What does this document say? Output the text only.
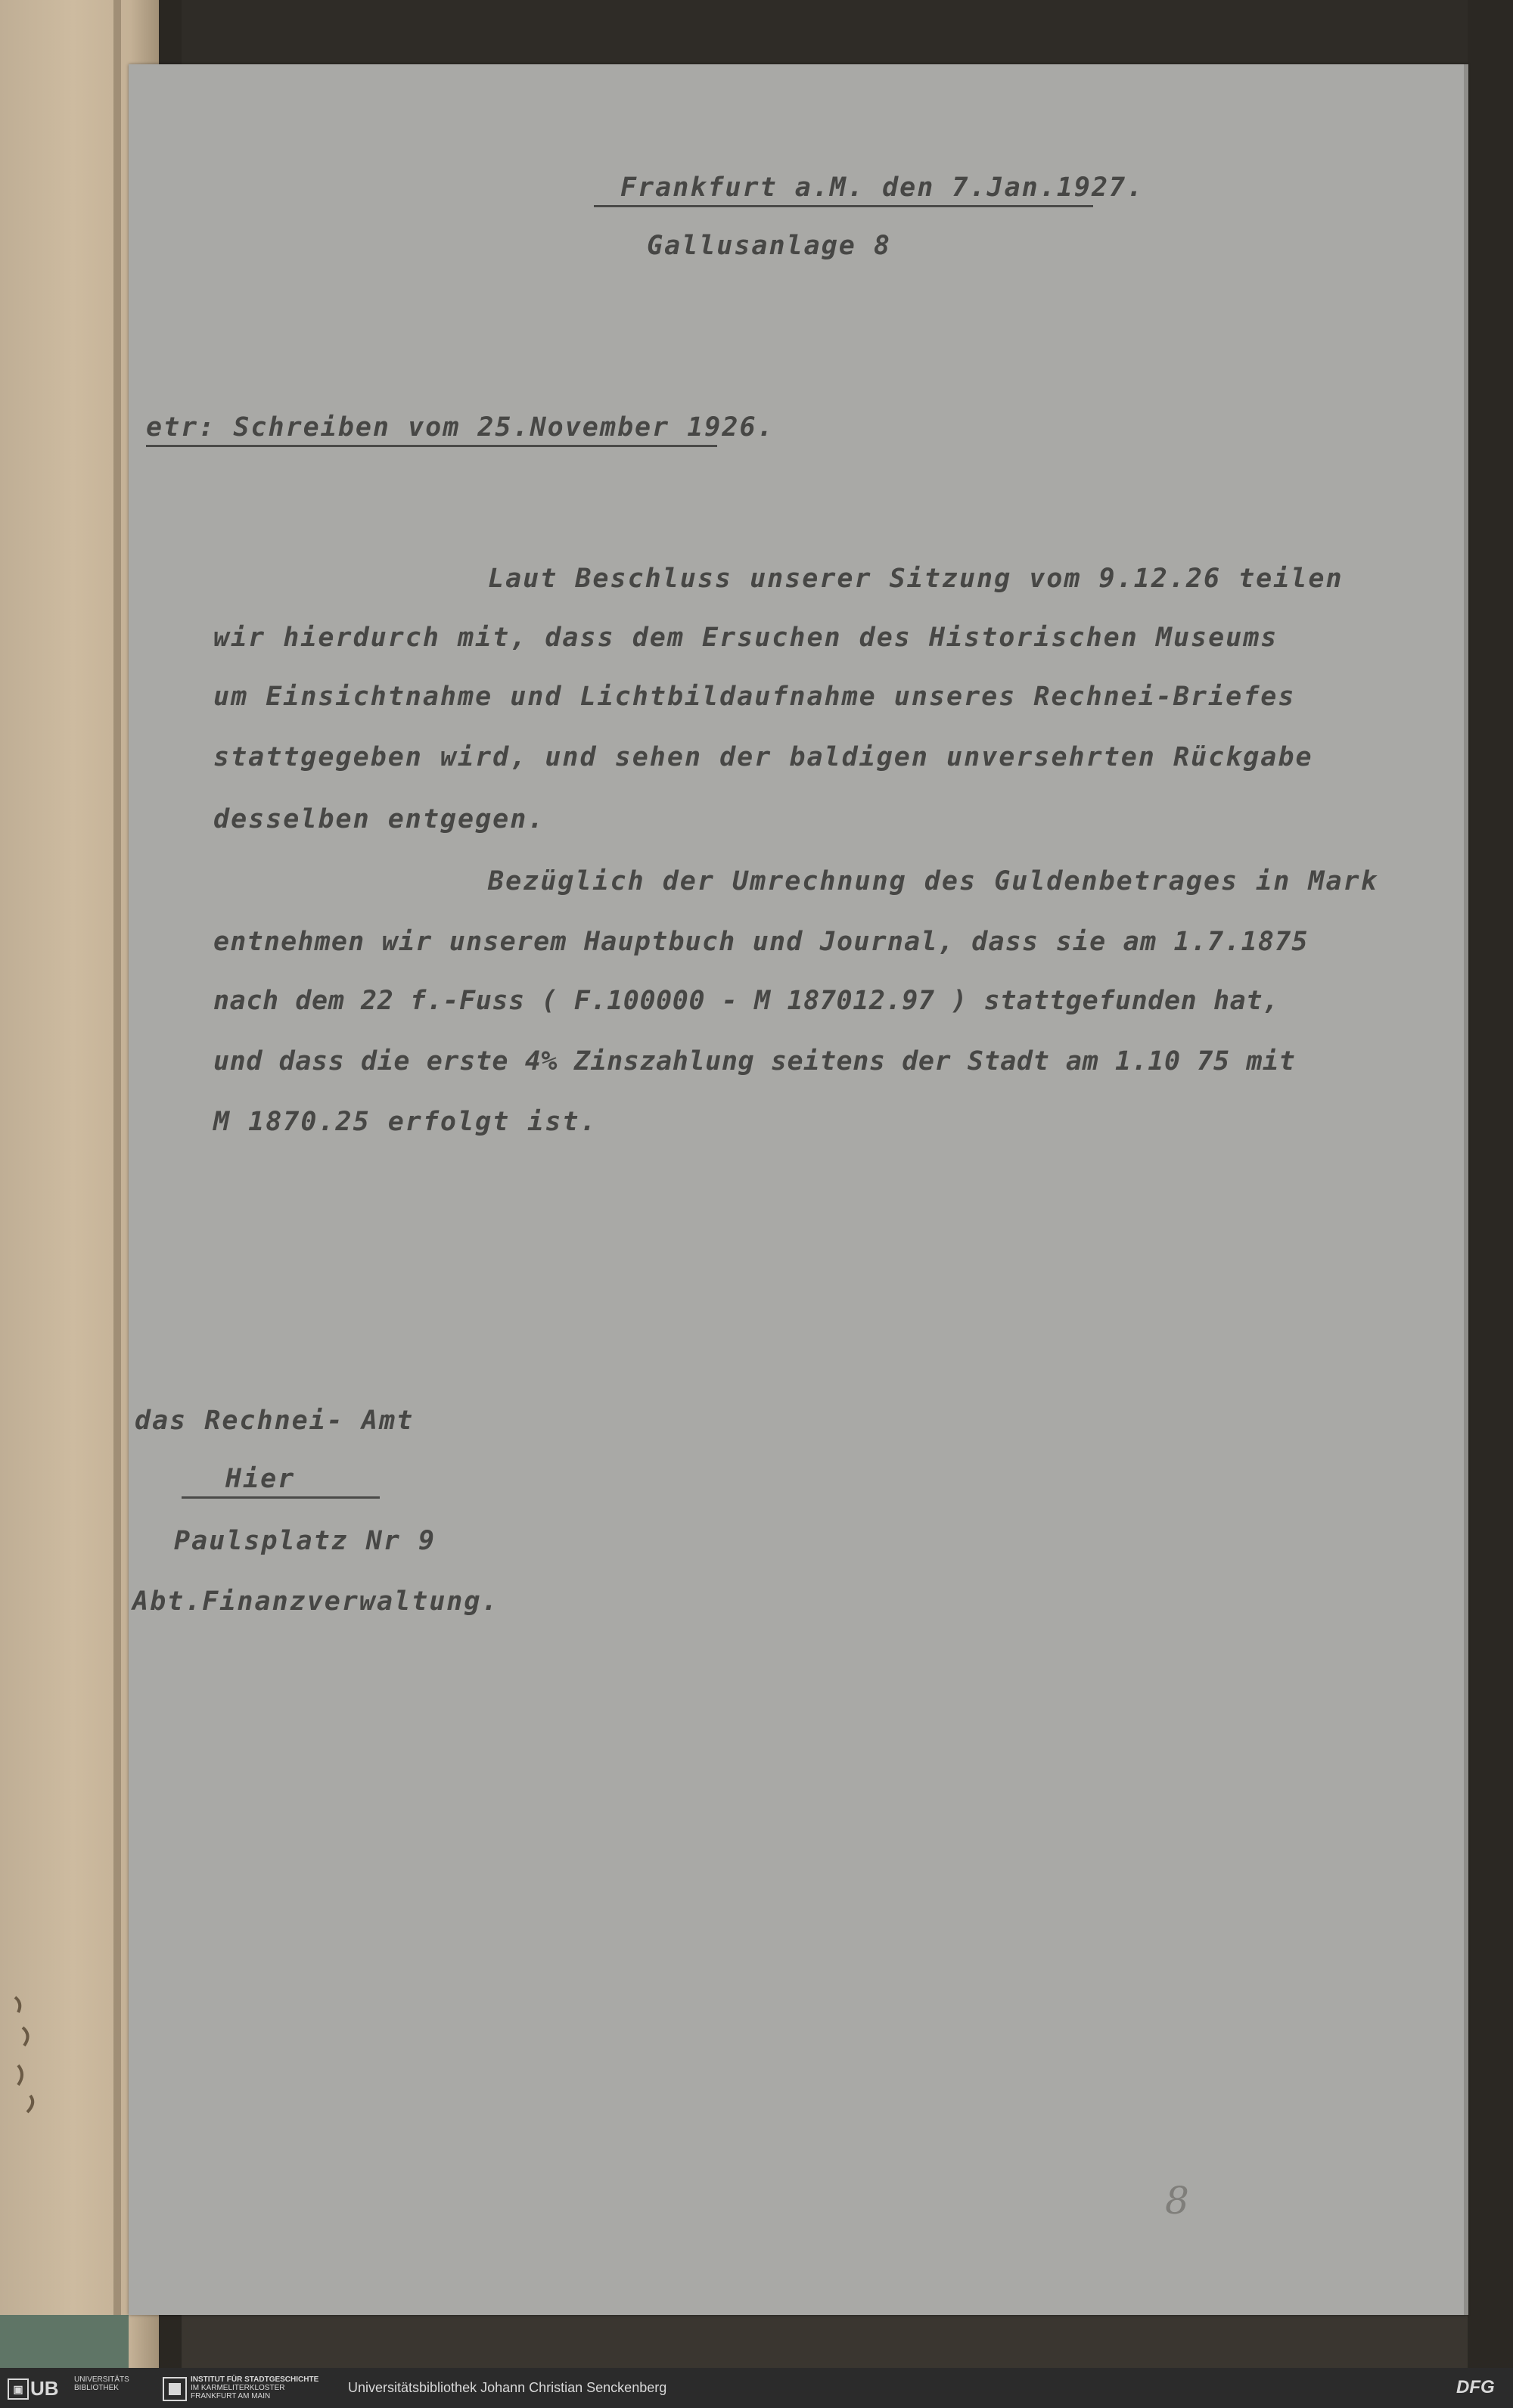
Frankfurt a.M. den 7.Jan.1927.
Gallusanlage 8
etr: Schreiben vom 25.November 1926.
Laut Beschluss unserer Sitzung vom 9.12.26 teilen
wir hierdurch mit, dass dem Ersuchen des Historischen Museums
um Einsichtnahme und Lichtbildaufnahme unseres Rechnei-Briefes
stattgegeben wird, und sehen der baldigen unversehrten Rückgabe
desselben entgegen.
Bezüglich der Umrechnung des Guldenbetrages in Mark
entnehmen wir unserem Hauptbuch und Journal, dass sie am 1.7.1875
nach dem 22 f.-Fuss ( F.100000 - M 187012.97 ) stattgefunden hat,
und dass die erste 4% Zinszahlung seitens der Stadt am 1.10 75 mit
M 1870.25 erfolgt ist.
das Rechnei- Amt
Hier
Paulsplatz Nr 9
Abt.Finanzverwaltung.
8
▣ UB UNIVERSITÄTS BIBLIOTHEK
INSTITUT FÜR STADTGESCHICHTE
IM KARMELITERKLOSTER FRANKFURT AM MAIN
Universitätsbibliothek Johann Christian Senckenberg	DFG
